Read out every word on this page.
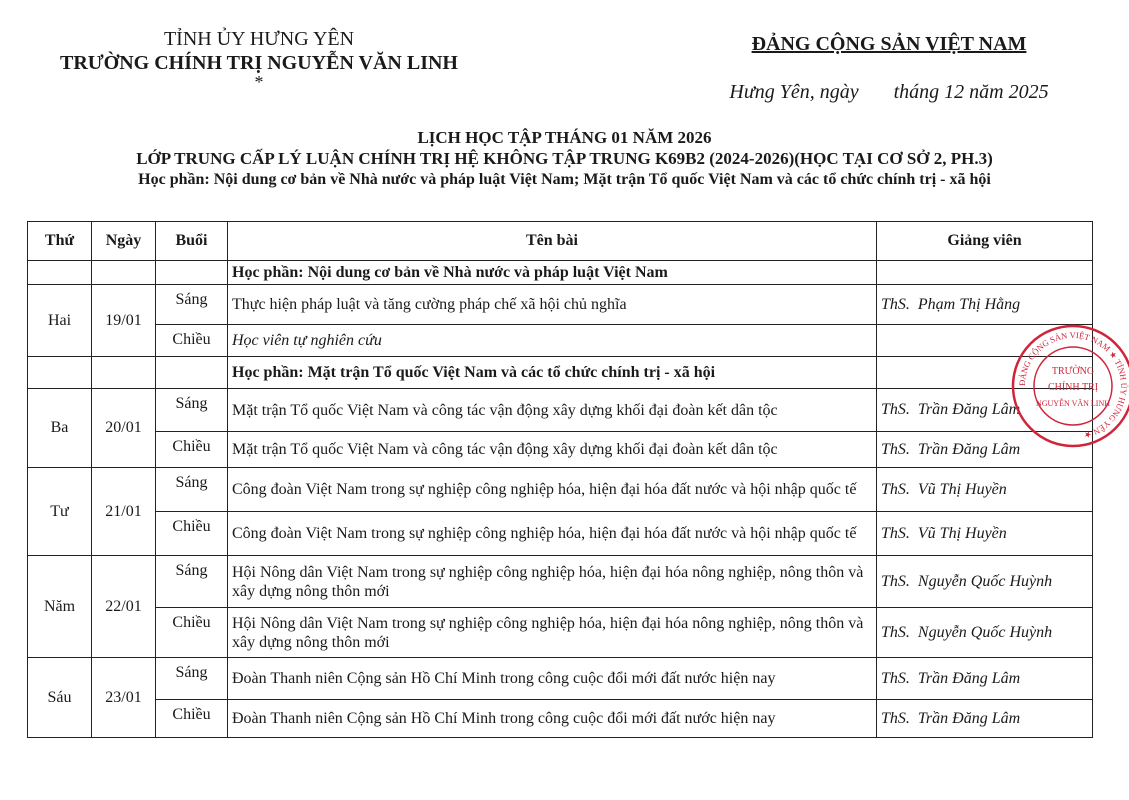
TỈNH ỦY HƯNG YÊN
TRƯỜNG CHÍNH TRỊ NGUYỄN VĂN LINH
*
ĐẢNG CỘNG SẢN VIỆT NAM
Hưng Yên, ngày       tháng 12 năm 2025
LỊCH HỌC TẬP THÁNG 01 NĂM 2026
LỚP TRUNG CẤP LÝ LUẬN CHÍNH TRỊ HỆ KHÔNG TẬP TRUNG K69B2 (2024-2026)(HỌC TẠI CƠ SỞ 2, PH.3)
Học phần: Nội dung cơ bản về Nhà nước và pháp luật Việt Nam; Mặt trận Tổ quốc Việt Nam và các tổ chức chính trị - xã hội
Thứ	Ngày	Buổi	Tên bài	Giảng viên
			Học phần: Nội dung cơ bản về Nhà nước và pháp luật Việt Nam	
Hai	19/01	Sáng	Thực hiện pháp luật và tăng cường pháp chế xã hội chủ nghĩa	ThS. Phạm Thị Hằng
		Chiều	Học viên tự nghiên cứu	
			Học phần: Mặt trận Tổ quốc Việt Nam và các tổ chức chính trị - xã hội	
Ba	20/01	Sáng	Mặt trận Tổ quốc Việt Nam và công tác vận động xây dựng khối đại đoàn kết dân tộc	ThS. Trần Đăng Lâm
		Chiều	Mặt trận Tổ quốc Việt Nam và công tác vận động xây dựng khối đại đoàn kết dân tộc	ThS. Trần Đăng Lâm
Tư	21/01	Sáng	Công đoàn Việt Nam trong sự nghiệp công nghiệp hóa, hiện đại hóa đất nước và hội nhập quốc tế	ThS. Vũ Thị Huyền
		Chiều	Công đoàn Việt Nam trong sự nghiệp công nghiệp hóa, hiện đại hóa đất nước và hội nhập quốc tế	ThS. Vũ Thị Huyền
Năm	22/01	Sáng	Hội Nông dân Việt Nam trong sự nghiệp công nghiệp hóa, hiện đại hóa nông nghiệp, nông thôn và xây dựng nông thôn mới	ThS. Nguyễn Quốc Huỳnh
		Chiều	Hội Nông dân Việt Nam trong sự nghiệp công nghiệp hóa, hiện đại hóa nông nghiệp, nông thôn và xây dựng nông thôn mới	ThS. Nguyễn Quốc Huỳnh
Sáu	23/01	Sáng	Đoàn Thanh niên Cộng sản Hồ Chí Minh trong công cuộc đổi mới đất nước hiện nay	ThS. Trần Đăng Lâm
		Chiều	Đoàn Thanh niên Cộng sản Hồ Chí Minh trong công cuộc đổi mới đất nước hiện nay	ThS. Trần Đăng Lâm
ĐẢNG CỘNG SẢN VIỆT NAM ★ TỈNH ỦY HƯNG YÊN ★
TRƯỜNG
CHÍNH TRỊ
NGUYỄN VĂN LINH
